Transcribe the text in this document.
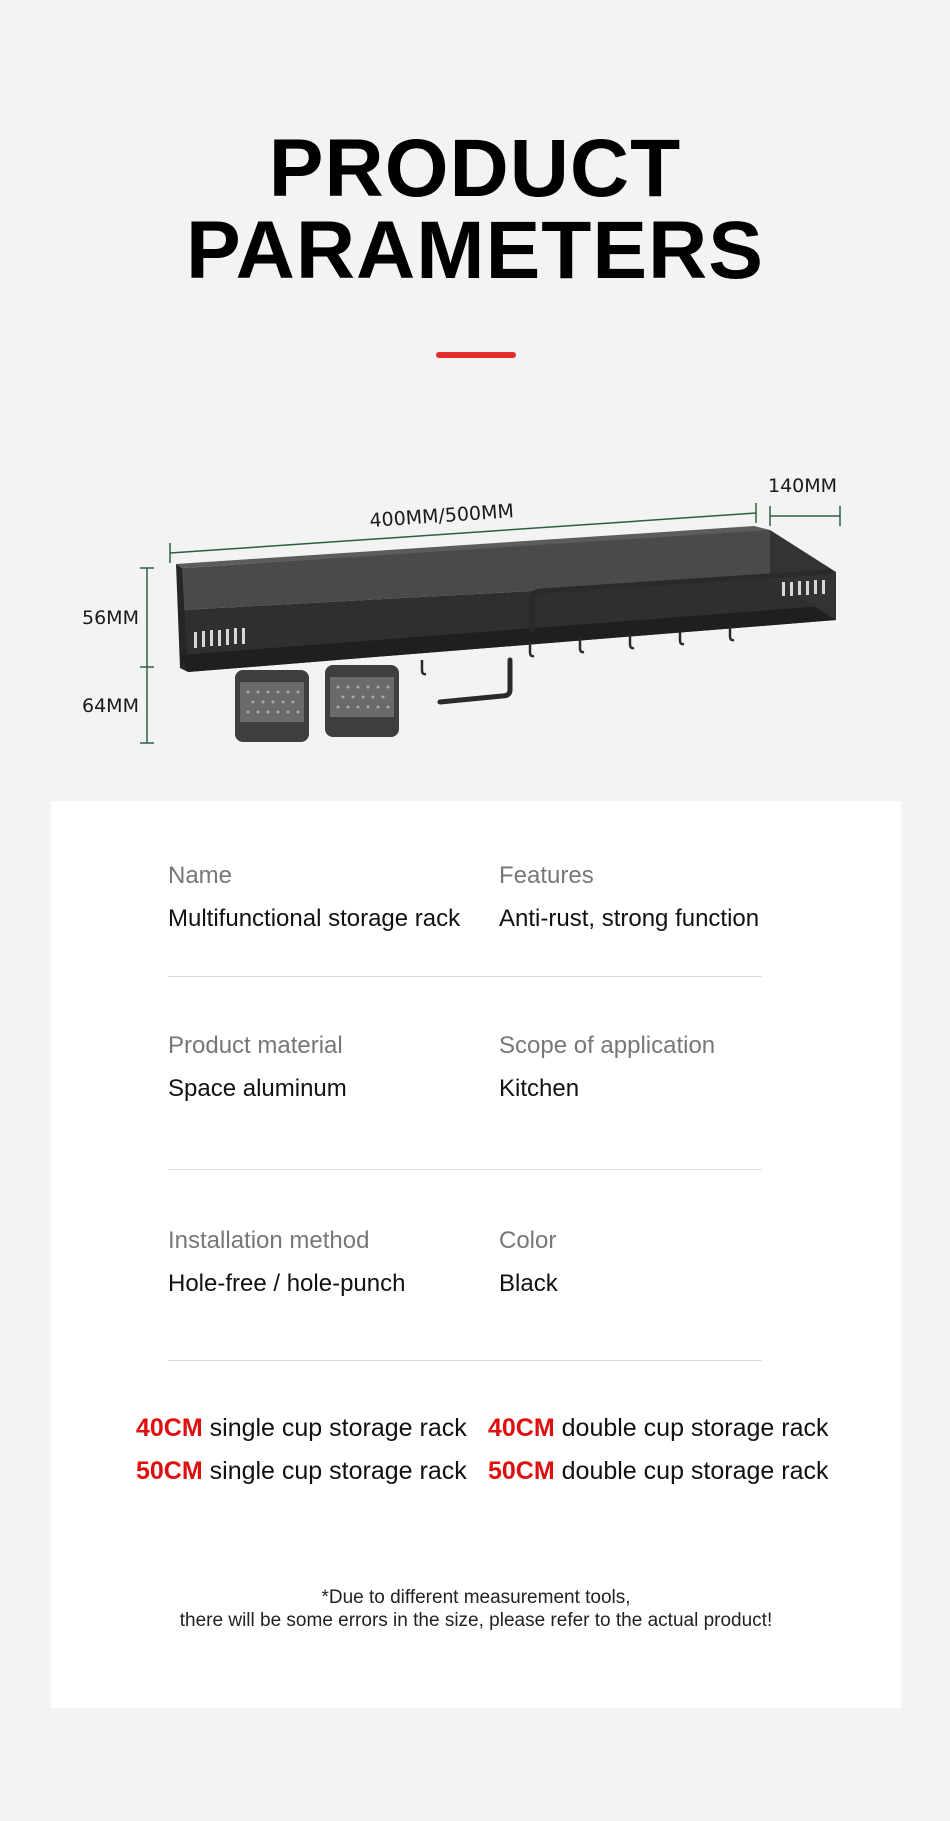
PRODUCT
PARAMETERS
400MM/500MM
140MM
56MM
64MM
Name
Multifunctional storage rack
Features
Anti-rust, strong function
Product material
Space aluminum
Scope of application
Kitchen
Installation method
Hole-free / hole-punch
Color
Black
40CM single cup storage rack 40CM double cup storage rack
50CM single cup storage rack 50CM double cup storage rack
*Due to different measurement tools,
there will be some errors in the size, please refer to the actual product!
